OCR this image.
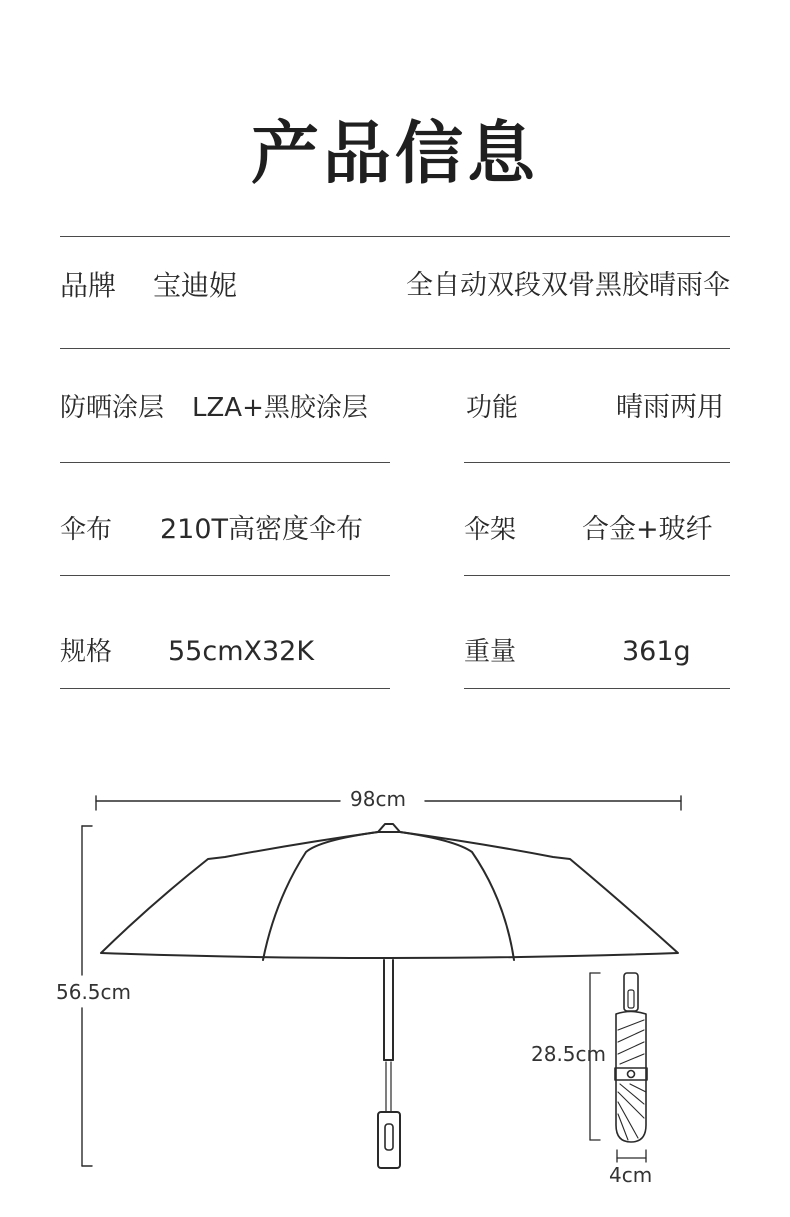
产品信息
品牌 宝迪妮	全自动双段双骨黑胶晴雨伞
防晒涂层 LZA+黑胶涂层	功能	晴雨两用
伞布 210T高密度伞布	伞架 合金+玻纤
规格 55cmX32K	重量	361g
98cm
56.5cm
28.5cm
4cm
